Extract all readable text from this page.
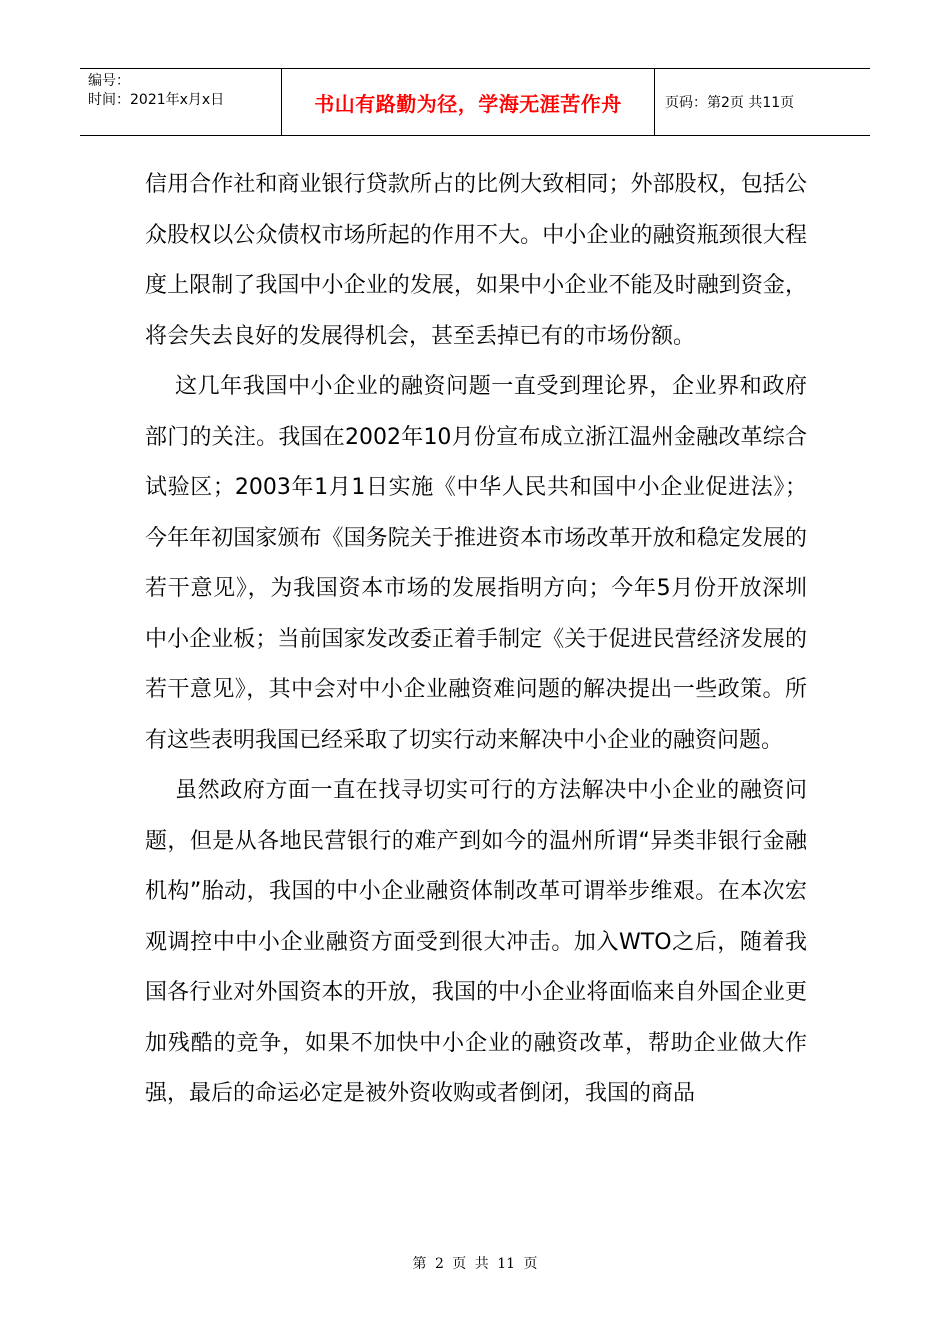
编号：
时间：2021年x月x日	书山有路勤为径，学海无涯苦作舟	页码：第2页 共11页

信用合作社和商业银行贷款所占的比例大致相同；外部股权，包括公众股权以公众债权市场所起的作用不大。中小企业的融资瓶颈很大程度上限制了我国中小企业的发展，如果中小企业不能及时融到资金，将会失去良好的发展得机会，甚至丢掉已有的市场份额。

这几年我国中小企业的融资问题一直受到理论界，企业界和政府部门的关注。我国在2002年10月份宣布成立浙江温州金融改革综合试验区；2003年1月1日实施《中华人民共和国中小企业促进法》；今年年初国家颁布《国务院关于推进资本市场改革开放和稳定发展的若干意见》，为我国资本市场的发展指明方向；今年5月份开放深圳中小企业板；当前国家发改委正着手制定《关于促进民营经济发展的若干意见》，其中会对中小企业融资难问题的解决提出一些政策。所有这些表明我国已经采取了切实行动来解决中小企业的融资问题。

虽然政府方面一直在找寻切实可行的方法解决中小企业的融资问题，但是从各地民营银行的难产到如今的温州所谓“异类非银行金融机构”胎动，我国的中小企业融资体制改革可谓举步维艰。在本次宏观调控中中小企业融资方面受到很大冲击。加入WTO之后，随着我国各行业对外国资本的开放，我国的中小企业将面临来自外国企业更加残酷的竞争，如果不加快中小企业的融资改革，帮助企业做大作强，最后的命运必定是被外资收购或者倒闭，我国的商品

第 2 页 共 11 页
